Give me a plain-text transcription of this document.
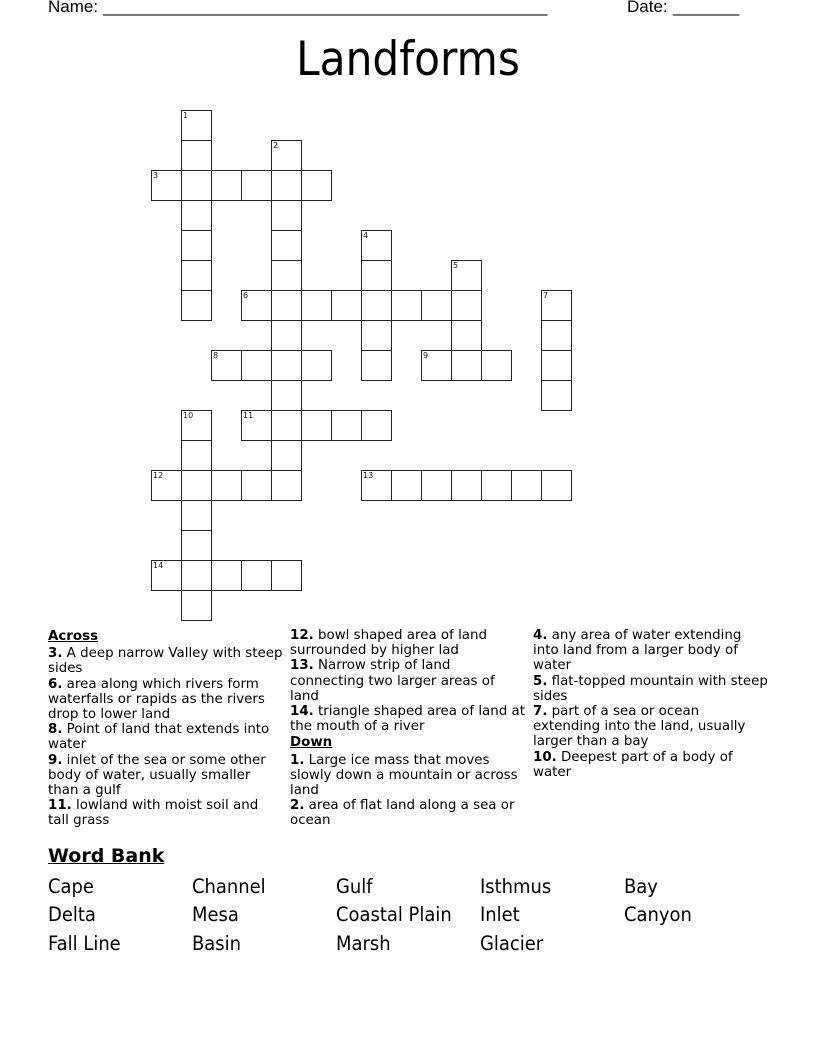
Name: _______________________________________________	Date: _______
Landforms
1
2
3
4
5
6	7
8	9
10	11
12	13
14
Across
3. A deep narrow Valley with steep sides
6. area along which rivers form waterfalls or rapids as the rivers drop to lower land
8. Point of land that extends into water
9. inlet of the sea or some other body of water, usually smaller than a gulf
11. lowland with moist soil and tall grass
12. bowl shaped area of land surrounded by higher lad
13. Narrow strip of land connecting two larger areas of land
14. triangle shaped area of land at the mouth of a river
Down
1. Large ice mass that moves slowly down a mountain or across land
2. area of flat land along a sea or ocean
4. any area of water extending into land from a larger body of water
5. flat-topped mountain with steep sides
7. part of a sea or ocean extending into the land, usually larger than a bay
10. Deepest part of a body of water
Word Bank
Cape	Channel	Gulf	Isthmus	Bay
Delta	Mesa	Coastal Plain	Inlet	Canyon
Fall Line	Basin	Marsh	Glacier
